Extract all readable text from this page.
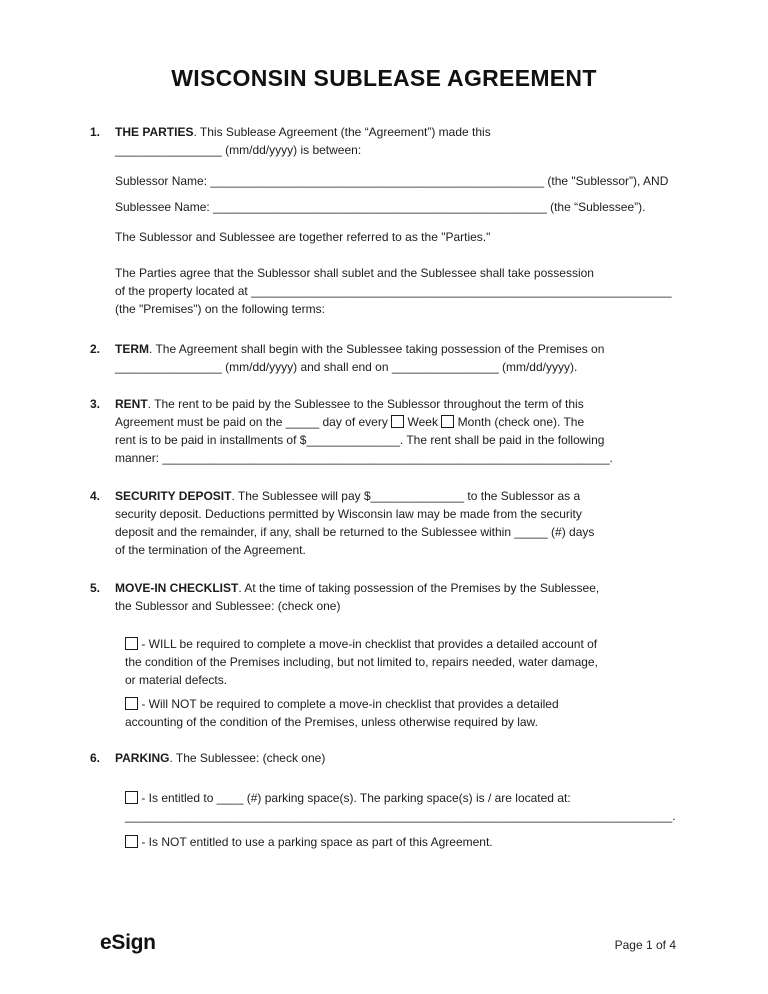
WISCONSIN SUBLEASE AGREEMENT
1.	THE PARTIES. This Sublease Agreement (the “Agreement”) made this
________________ (mm/dd/yyyy) is between:
Sublessor Name: __________________________________________________ (the "Sublessor”), AND
Sublessee Name: __________________________________________________ (the “Sublessee”).
The Sublessor and Sublessee are together referred to as the "Parties."
The Parties agree that the Sublessor shall sublet and the Sublessee shall take possession
of the property located at _______________________________________________________________
(the "Premises") on the following terms:
2.	TERM. The Agreement shall begin with the Sublessee taking possession of the Premises on
________________ (mm/dd/yyyy) and shall end on ________________ (mm/dd/yyyy).
3.	RENT. The rent to be paid by the Sublessee to the Sublessor throughout the term of this
Agreement must be paid on the _____ day of every  Week  Month (check one). The
rent is to be paid in installments of $______________. The rent shall be paid in the following
manner: ___________________________________________________________________.
4.	SECURITY DEPOSIT. The Sublessee will pay $______________ to the Sublessor as a
security deposit. Deductions permitted by Wisconsin law may be made from the security
deposit and the remainder, if any, shall be returned to the Sublessee within _____ (#) days
of the termination of the Agreement.
5.	MOVE-IN CHECKLIST. At the time of taking possession of the Premises by the Sublessee,
the Sublessor and Sublessee: (check one)
- WILL be required to complete a move-in checklist that provides a detailed account of
the condition of the Premises including, but not limited to, repairs needed, water damage,
or material defects.
- Will NOT be required to complete a move-in checklist that provides a detailed
accounting of the condition of the Premises, unless otherwise required by law.
6.	PARKING. The Sublessee: (check one)
- Is entitled to ____ (#) parking space(s). The parking space(s) is / are located at:
__________________________________________________________________________________.
- Is NOT entitled to use a parking space as part of this Agreement.
eSign	Page 1 of 4
